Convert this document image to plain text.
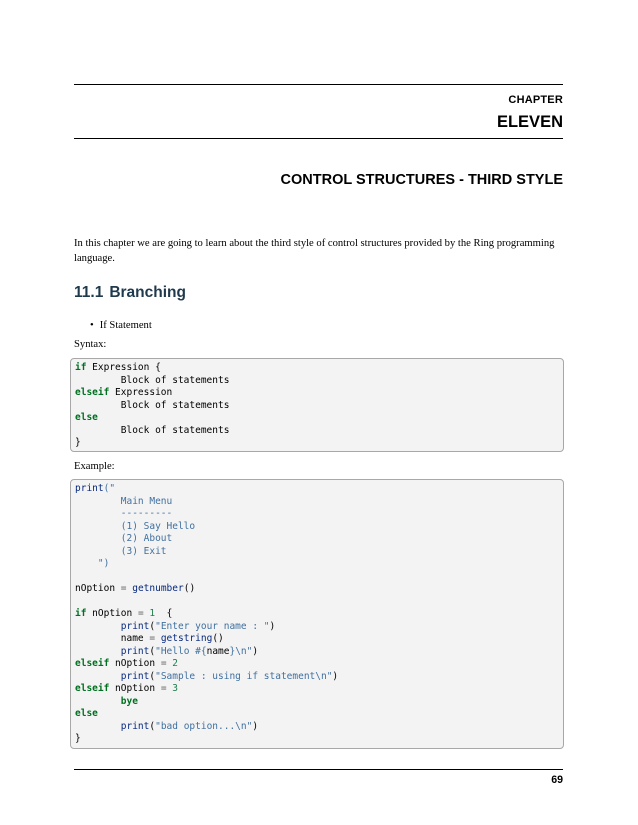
CHAPTER
ELEVEN
CONTROL STRUCTURES - THIRD STYLE

In this chapter we are going to learn about the third style of control structures provided by the Ring programming language.

11.1 Branching
• If Statement
Syntax:
if Expression {
Block of statements
elseif Expression
Block of statements
else
Block of statements
}
Example:
print("
Main Menu
---------
(1) Say Hello
(2) About
(3) Exit
")

nOption = getnumber()

if nOption = 1  {
print("Enter your name : ")
name = getstring()
print("Hello #{name}\n")
elseif nOption = 2
print("Sample : using if statement\n")
elseif nOption = 3
bye
else
print("bad option...\n")
}
69
